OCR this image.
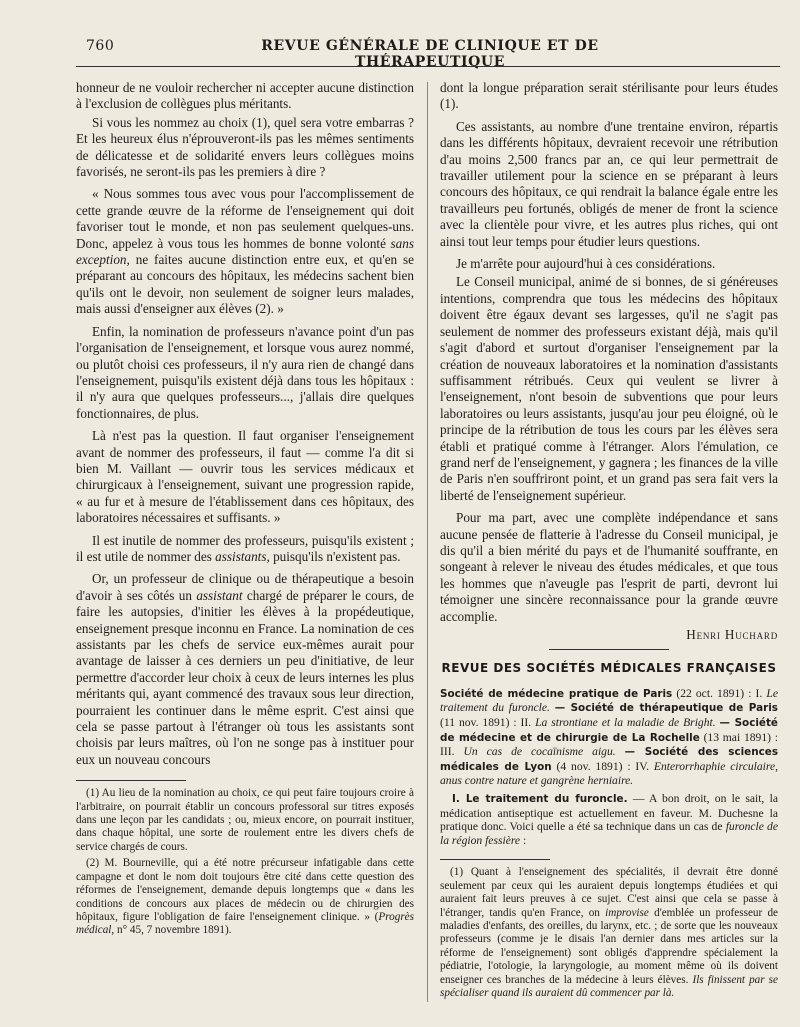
760	REVUE GÉNÉRALE DE CLINIQUE ET DE THÉRAPEUTIQUE

honneur de ne vouloir rechercher ni accepter aucune distinction à l'exclusion de collègues plus méritants.

Si vous les nommez au choix (1), quel sera votre embarras ? Et les heureux élus n'éprouveront-ils pas les mêmes sentiments de délicatesse et de solidarité envers leurs collègues moins favorisés, ne seront-ils pas les premiers à dire ?

« Nous sommes tous avec vous pour l'accomplissement de cette grande œuvre de la réforme de l'enseignement qui doit favoriser tout le monde, et non pas seulement quelques-uns. Donc, appelez à vous tous les hommes de bonne volonté sans exception, ne faites aucune distinction entre eux, et qu'en se préparant au concours des hôpitaux, les médecins sachent bien qu'ils ont le devoir, non seulement de soigner leurs malades, mais aussi d'enseigner aux élèves (2). »

Enfin, la nomination de professeurs n'avance point d'un pas l'organisation de l'enseignement, et lorsque vous aurez nommé, ou plutôt choisi ces professeurs, il n'y aura rien de changé dans l'enseignement, puisqu'ils existent déjà dans tous les hôpitaux : il n'y aura que quelques professeurs..., j'allais dire quelques fonctionnaires, de plus.

Là n'est pas la question. Il faut organiser l'enseignement avant de nommer des professeurs, il faut — comme l'a dit si bien M. Vaillant — ouvrir tous les services médicaux et chirurgicaux à l'enseignement, suivant une progression rapide, « au fur et à mesure de l'établissement dans ces hôpitaux, des laboratoires nécessaires et suffisants. »

Il est inutile de nommer des professeurs, puisqu'ils existent ; il est utile de nommer des assistants, puisqu'ils n'existent pas.

Or, un professeur de clinique ou de thérapeutique a besoin d'avoir à ses côtés un assistant chargé de préparer le cours, de faire les autopsies, d'initier les élèves à la propédeutique, enseignement presque inconnu en France. La nomination de ces assistants par les chefs de service eux-mêmes aurait pour avantage de laisser à ces derniers un peu d'initiative, de leur permettre d'accorder leur choix à ceux de leurs internes les plus méritants qui, ayant commencé des travaux sous leur direction, pourraient les continuer dans le même esprit. C'est ainsi que cela se passe partout à l'étranger où tous les assistants sont choisis par leurs maîtres, où l'on ne songe pas à instituer pour eux un nouveau concours

(1) Au lieu de la nomination au choix, ce qui peut faire toujours croire à l'arbitraire, on pourrait établir un concours professoral sur titres exposés dans une leçon par les candidats ; ou, mieux encore, on pourrait instituer, dans chaque hôpital, une sorte de roulement entre les divers chefs de service chargés de cours.

(2) M. Bourneville, qui a été notre précurseur infatigable dans cette campagne et dont le nom doit toujours être cité dans cette question des réformes de l'enseignement, demande depuis longtemps que « dans les conditions de concours aux places de médecin ou de chirurgien des hôpitaux, figure l'obligation de faire l'enseignement clinique. » (Progrès médical, n° 45, 7 novembre 1891).

dont la longue préparation serait stérilisante pour leurs études (1).

Ces assistants, au nombre d'une trentaine environ, répartis dans les différents hôpitaux, devraient recevoir une rétribution d'au moins 2,500 francs par an, ce qui leur permettrait de travailler utilement pour la science en se préparant à leurs concours des hôpitaux, ce qui rendrait la balance égale entre les travailleurs peu fortunés, obligés de mener de front la science avec la clientèle pour vivre, et les autres plus riches, qui ont ainsi tout leur temps pour étudier leurs questions.

Je m'arrête pour aujourd'hui à ces considérations.

Le Conseil municipal, animé de si bonnes, de si généreuses intentions, comprendra que tous les médecins des hôpitaux doivent être égaux devant ses largesses, qu'il ne s'agit pas seulement de nommer des professeurs existant déjà, mais qu'il s'agit d'abord et surtout d'organiser l'enseignement par la création de nouveaux laboratoires et la nomination d'assistants suffisamment rétribués. Ceux qui veulent se livrer à l'enseignement, n'ont besoin de subventions que pour leurs laboratoires ou leurs assistants, jusqu'au jour peu éloigné, où le principe de la rétribution de tous les cours par les élèves sera établi et pratiqué comme à l'étranger. Alors l'émulation, ce grand nerf de l'enseignement, y gagnera ; les finances de la ville de Paris n'en souffriront point, et un grand pas sera fait vers la liberté de l'enseignement supérieur.

Pour ma part, avec une complète indépendance et sans aucune pensée de flatterie à l'adresse du Conseil municipal, je dis qu'il a bien mérité du pays et de l'humanité souffrante, en songeant à relever le niveau des études médicales, et que tous les hommes que n'aveugle pas l'esprit de parti, devront lui témoigner une sincère reconnaissance pour la grande œuvre accomplie.

Henri Huchard
REVUE DES SOCIÉTÉS MÉDICALES FRANÇAISES

Société de médecine pratique de Paris (22 oct. 1891) : I. Le traitement du furoncle. — Société de thérapeutique de Paris (11 nov. 1891) : II. La strontiane et la maladie de Bright. — Société de médecine et de chirurgie de La Rochelle (13 mai 1891) : III. Un cas de cocaïnisme aigu. — Société des sciences médicales de Lyon (4 nov. 1891) : IV. Enterorrhaphie circulaire, anus contre nature et gangrène herniaire.

I. Le traitement du furoncle. — A bon droit, on le sait, la médication antiseptique est actuellement en faveur. M. Duchesne la pratique donc. Voici quelle a été sa technique dans un cas de furoncle de la région fessière :

(1) Quant à l'enseignement des spécialités, il devrait être donné seulement par ceux qui les auraient depuis longtemps étudiées et qui auraient fait leurs preuves à ce sujet. C'est ainsi que cela se passe à l'étranger, tandis qu'en France, on improvise d'emblée un professeur de maladies d'enfants, des oreilles, du larynx, etc. ; de sorte que les nouveaux professeurs (comme je le disais l'an dernier dans mes articles sur la réforme de l'enseignement) sont obligés d'apprendre spécialement la pédiatrie, l'otologie, la laryngologie, au moment même où ils doivent enseigner ces branches de la médecine à leurs élèves. Ils finissent par se spécialiser quand ils auraient dû commencer par là.
